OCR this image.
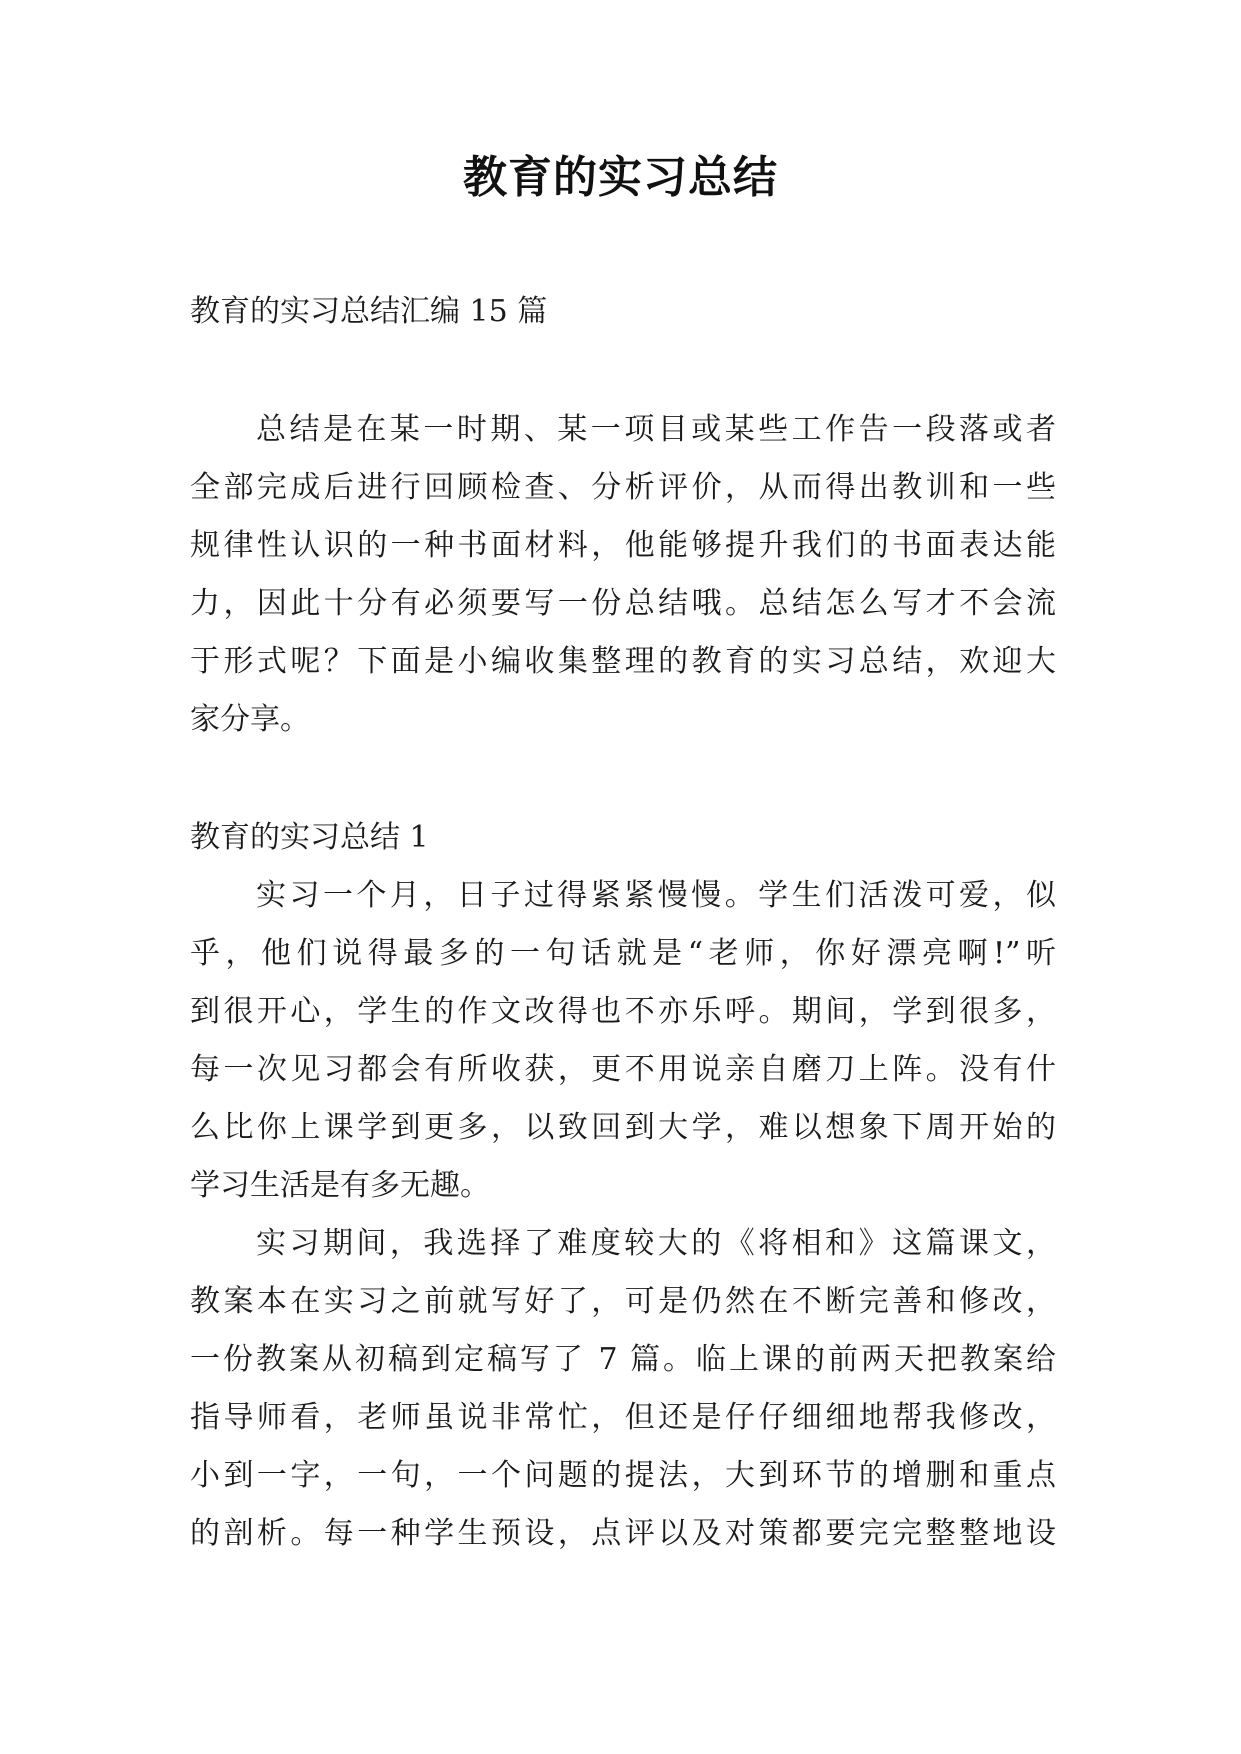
教育的实习总结
教育的实习总结汇编 15 篇
总结是在某一时期、某一项目或某些工作告一段落或者
全部完成后进行回顾检查、分析评价，从而得出教训和一些
规律性认识的一种书面材料，他能够提升我们的书面表达能
力，因此十分有必须要写一份总结哦。总结怎么写才不会流
于形式呢？下面是小编收集整理的教育的实习总结，欢迎大
家分享。
教育的实习总结 1
实习一个月，日子过得紧紧慢慢。学生们活泼可爱，似
乎，他们说得最多的一句话就是“老师，你好漂亮啊!”听
到很开心，学生的作文改得也不亦乐呼。期间，学到很多，
每一次见习都会有所收获，更不用说亲自磨刀上阵。没有什
么比你上课学到更多，以致回到大学，难以想象下周开始的
学习生活是有多无趣。
实习期间，我选择了难度较大的《将相和》这篇课文，
教案本在实习之前就写好了，可是仍然在不断完善和修改，
一份教案从初稿到定稿写了 7 篇。临上课的前两天把教案给
指导师看，老师虽说非常忙，但还是仔仔细细地帮我修改，
小到一字，一句，一个问题的提法，大到环节的增删和重点
的剖析。每一种学生预设，点评以及对策都要完完整整地设
